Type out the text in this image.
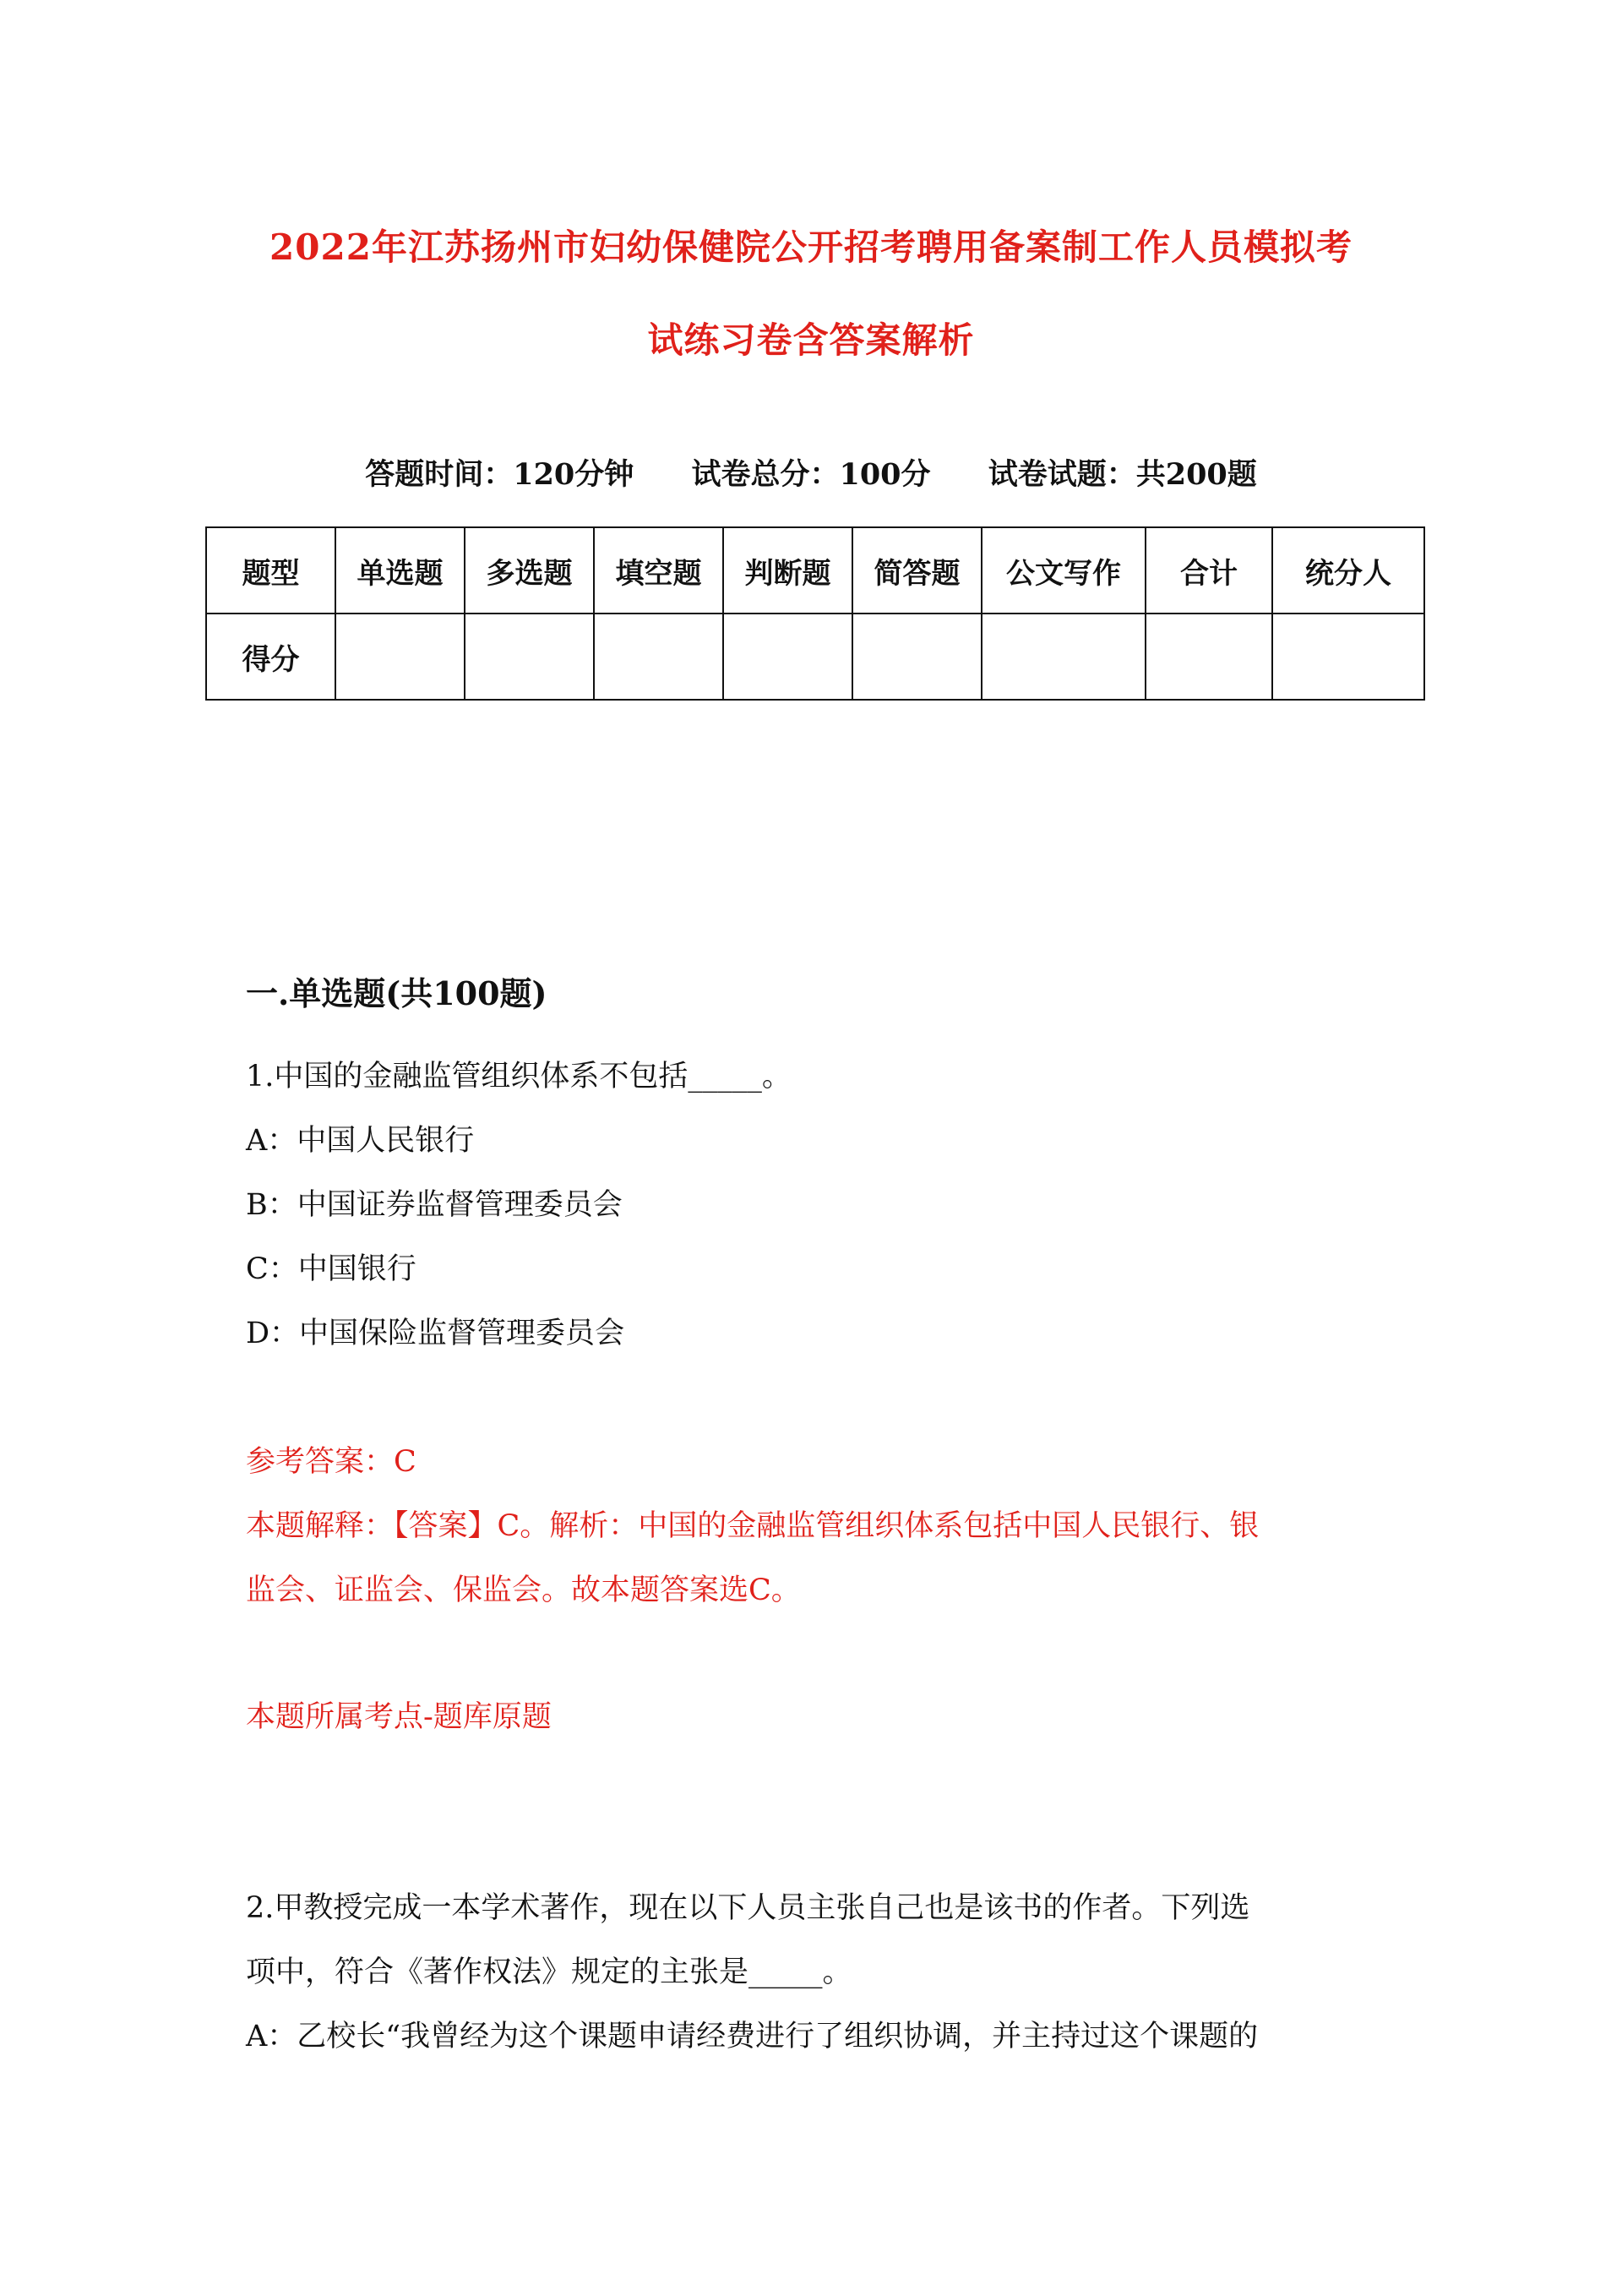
2022年江苏扬州市妇幼保健院公开招考聘用备案制工作人员模拟考
试练习卷含答案解析
答题时间：120分钟 试卷总分：100分 试卷试题：共200题
题型	单选题	多选题	填空题	判断题	简答题	公文写作	合计	统分人
得分								
一.单选题(共100题)
1.中国的金融监管组织体系不包括_____。
A：中国人民银行
B：中国证券监督管理委员会
C：中国银行
D：中国保险监督管理委员会
参考答案：C
本题解释：【答案】C。解析：中国的金融监管组织体系包括中国人民银行、银
监会、证监会、保监会。故本题答案选C。
本题所属考点-题库原题
2.甲教授完成一本学术著作，现在以下人员主张自己也是该书的作者。下列选
项中，符合《著作权法》规定的主张是_____。
A：乙校长“我曾经为这个课题申请经费进行了组织协调，并主持过这个课题的
